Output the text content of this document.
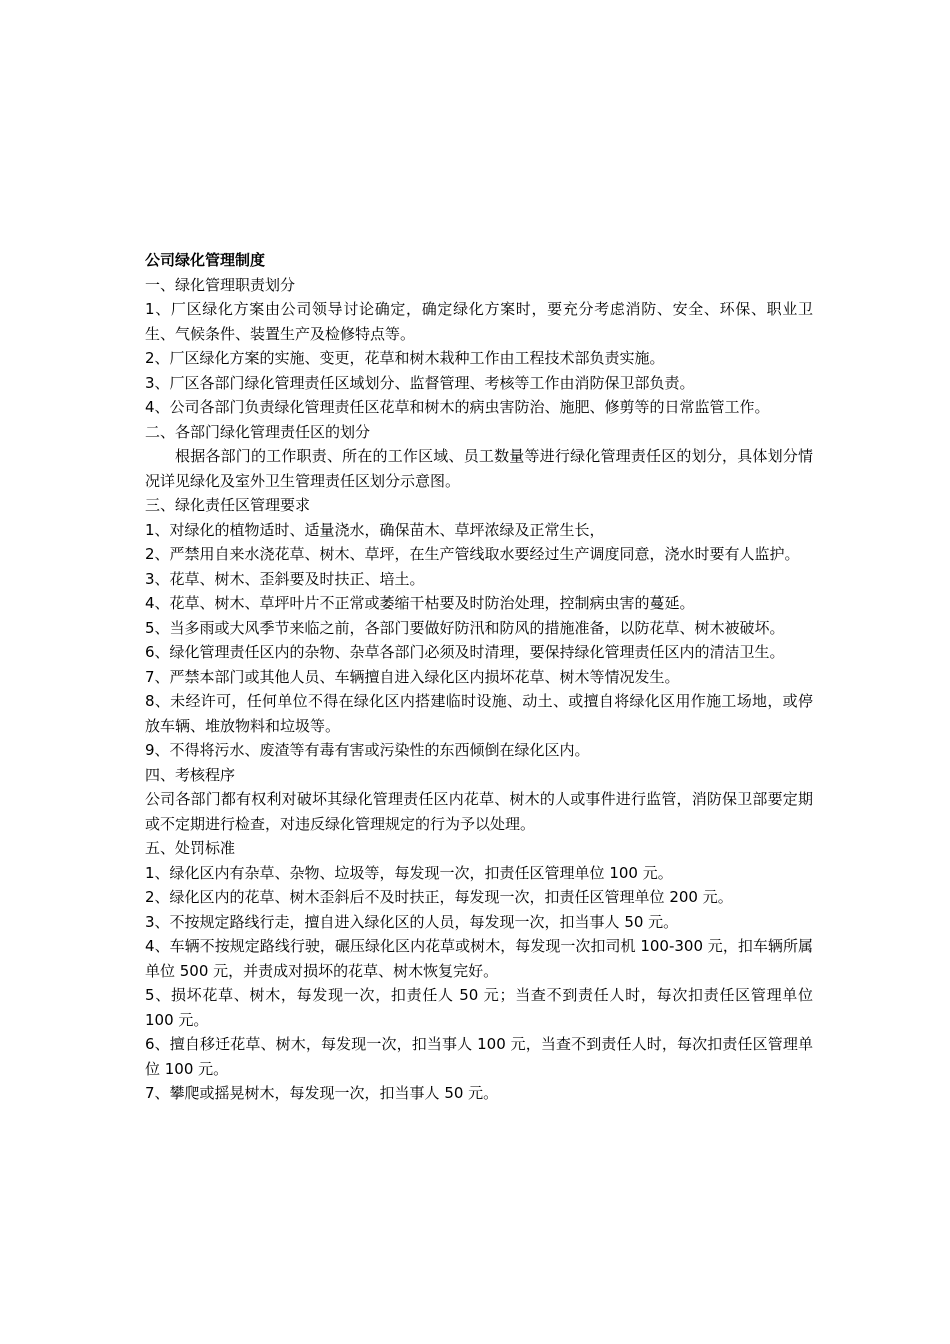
公司绿化管理制度

一、绿化管理职责划分

1、厂区绿化方案由公司领导讨论确定，确定绿化方案时，要充分考虑消防、安全、环保、职业卫生、气候条件、装置生产及检修特点等。

2、厂区绿化方案的实施、变更，花草和树木栽种工作由工程技术部负责实施。

3、厂区各部门绿化管理责任区域划分、监督管理、考核等工作由消防保卫部负责。

4、公司各部门负责绿化管理责任区花草和树木的病虫害防治、施肥、修剪等的日常监管工作。

二、各部门绿化管理责任区的划分

根据各部门的工作职责、所在的工作区域、员工数量等进行绿化管理责任区的划分，具体划分情况详见绿化及室外卫生管理责任区划分示意图。

三、绿化责任区管理要求

1、对绿化的植物适时、适量浇水，确保苗木、草坪浓绿及正常生长，

2、严禁用自来水浇花草、树木、草坪，在生产管线取水要经过生产调度同意，浇水时要有人监护。

3、花草、树木、歪斜要及时扶正、培土。

4、花草、树木、草坪叶片不正常或萎缩干枯要及时防治处理，控制病虫害的蔓延。

5、当多雨或大风季节来临之前，各部门要做好防汛和防风的措施准备，以防花草、树木被破坏。

6、绿化管理责任区内的杂物、杂草各部门必须及时清理，要保持绿化管理责任区内的清洁卫生。

7、严禁本部门或其他人员、车辆擅自进入绿化区内损坏花草、树木等情况发生。

8、未经许可，任何单位不得在绿化区内搭建临时设施、动土、或擅自将绿化区用作施工场地，或停放车辆、堆放物料和垃圾等。

9、不得将污水、废渣等有毒有害或污染性的东西倾倒在绿化区内。

四、考核程序

公司各部门都有权利对破坏其绿化管理责任区内花草、树木的人或事件进行监管，消防保卫部要定期或不定期进行检查，对违反绿化管理规定的行为予以处理。

五、处罚标准

1、绿化区内有杂草、杂物、垃圾等，每发现一次，扣责任区管理单位 100 元。

2、绿化区内的花草、树木歪斜后不及时扶正，每发现一次，扣责任区管理单位 200 元。

3、不按规定路线行走，擅自进入绿化区的人员，每发现一次，扣当事人 50 元。

4、车辆不按规定路线行驶，碾压绿化区内花草或树木，每发现一次扣司机 100-300 元，扣车辆所属单位 500 元，并责成对损坏的花草、树木恢复完好。

5、损坏花草、树木，每发现一次，扣责任人 50 元；当查不到责任人时，每次扣责任区管理单位 100 元。

6、擅自移迁花草、树木，每发现一次，扣当事人 100 元，当查不到责任人时，每次扣责任区管理单位 100 元。

7、攀爬或摇晃树木，每发现一次，扣当事人 50 元。
